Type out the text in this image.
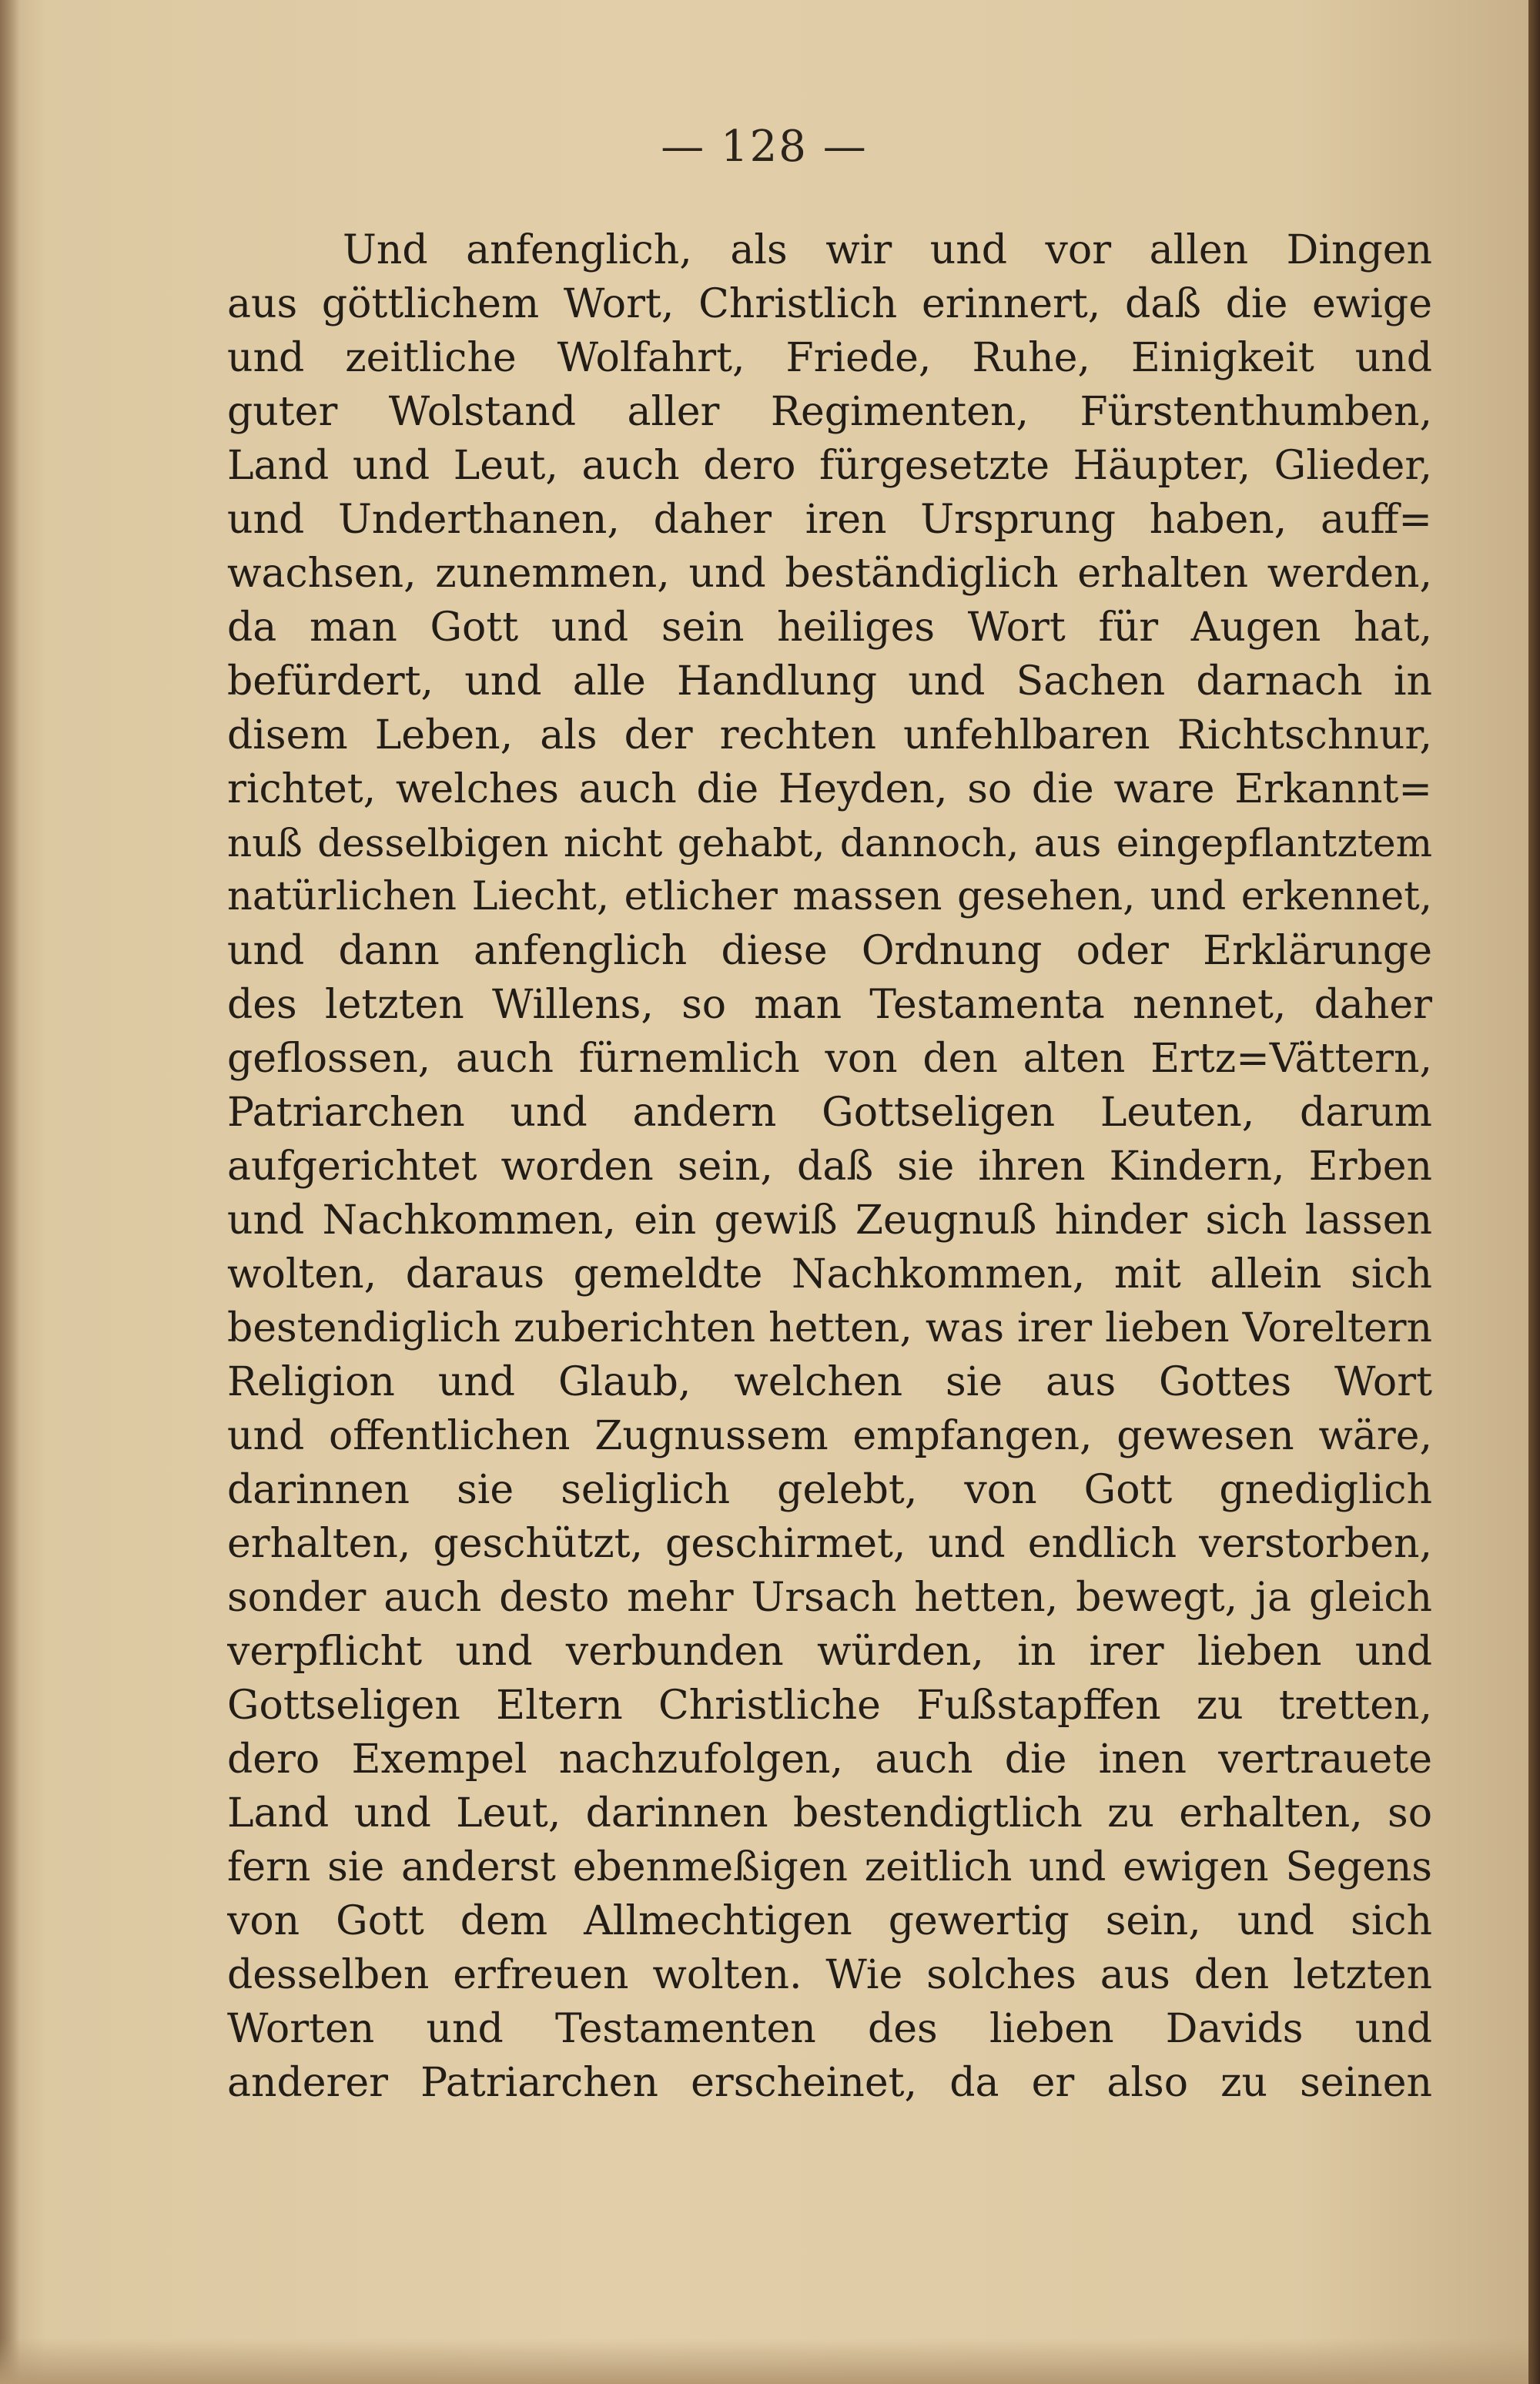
— 128 —
Und anfenglich, als wir und vor allen Dingen
aus göttlichem Wort, Christlich erinnert, daß die ewige
und zeitliche Wolfahrt, Friede, Ruhe, Einigkeit und
guter Wolstand aller Regimenten, Fürstenthumben,
Land und Leut, auch dero fürgesetzte Häupter, Glieder,
und Underthanen, daher iren Ursprung haben, auff=
wachsen, zunemmen, und beständiglich erhalten werden,
da man Gott und sein heiliges Wort für Augen hat,
befürdert, und alle Handlung und Sachen darnach in
disem Leben, als der rechten unfehlbaren Richtschnur,
richtet, welches auch die Heyden, so die ware Erkannt=
nuß desselbigen nicht gehabt, dannoch, aus eingepflantztem
natürlichen Liecht, etlicher massen gesehen, und erkennet,
und dann anfenglich diese Ordnung oder Erklärunge
des letzten Willens, so man Testamenta nennet, daher
geflossen, auch fürnemlich von den alten Ertz=Vättern,
Patriarchen und andern Gottseligen Leuten, darum
aufgerichtet worden sein, daß sie ihren Kindern, Erben
und Nachkommen, ein gewiß Zeugnuß hinder sich lassen
wolten, daraus gemeldte Nachkommen, mit allein sich
bestendiglich zuberichten hetten, was irer lieben Voreltern
Religion und Glaub, welchen sie aus Gottes Wort
und offentlichen Zugnussem empfangen, gewesen wäre,
darinnen sie seliglich gelebt, von Gott gnediglich
erhalten, geschützt, geschirmet, und endlich verstorben,
sonder auch desto mehr Ursach hetten, bewegt, ja gleich
verpflicht und verbunden würden, in irer lieben und
Gottseligen Eltern Christliche Fußstapffen zu tretten,
dero Exempel nachzufolgen, auch die inen vertrauete
Land und Leut, darinnen bestendigtlich zu erhalten, so
fern sie anderst ebenmeßigen zeitlich und ewigen Segens
von Gott dem Allmechtigen gewertig sein, und sich
desselben erfreuen wolten. Wie solches aus den letzten
Worten und Testamenten des lieben Davids und
anderer Patriarchen erscheinet, da er also zu seinen
